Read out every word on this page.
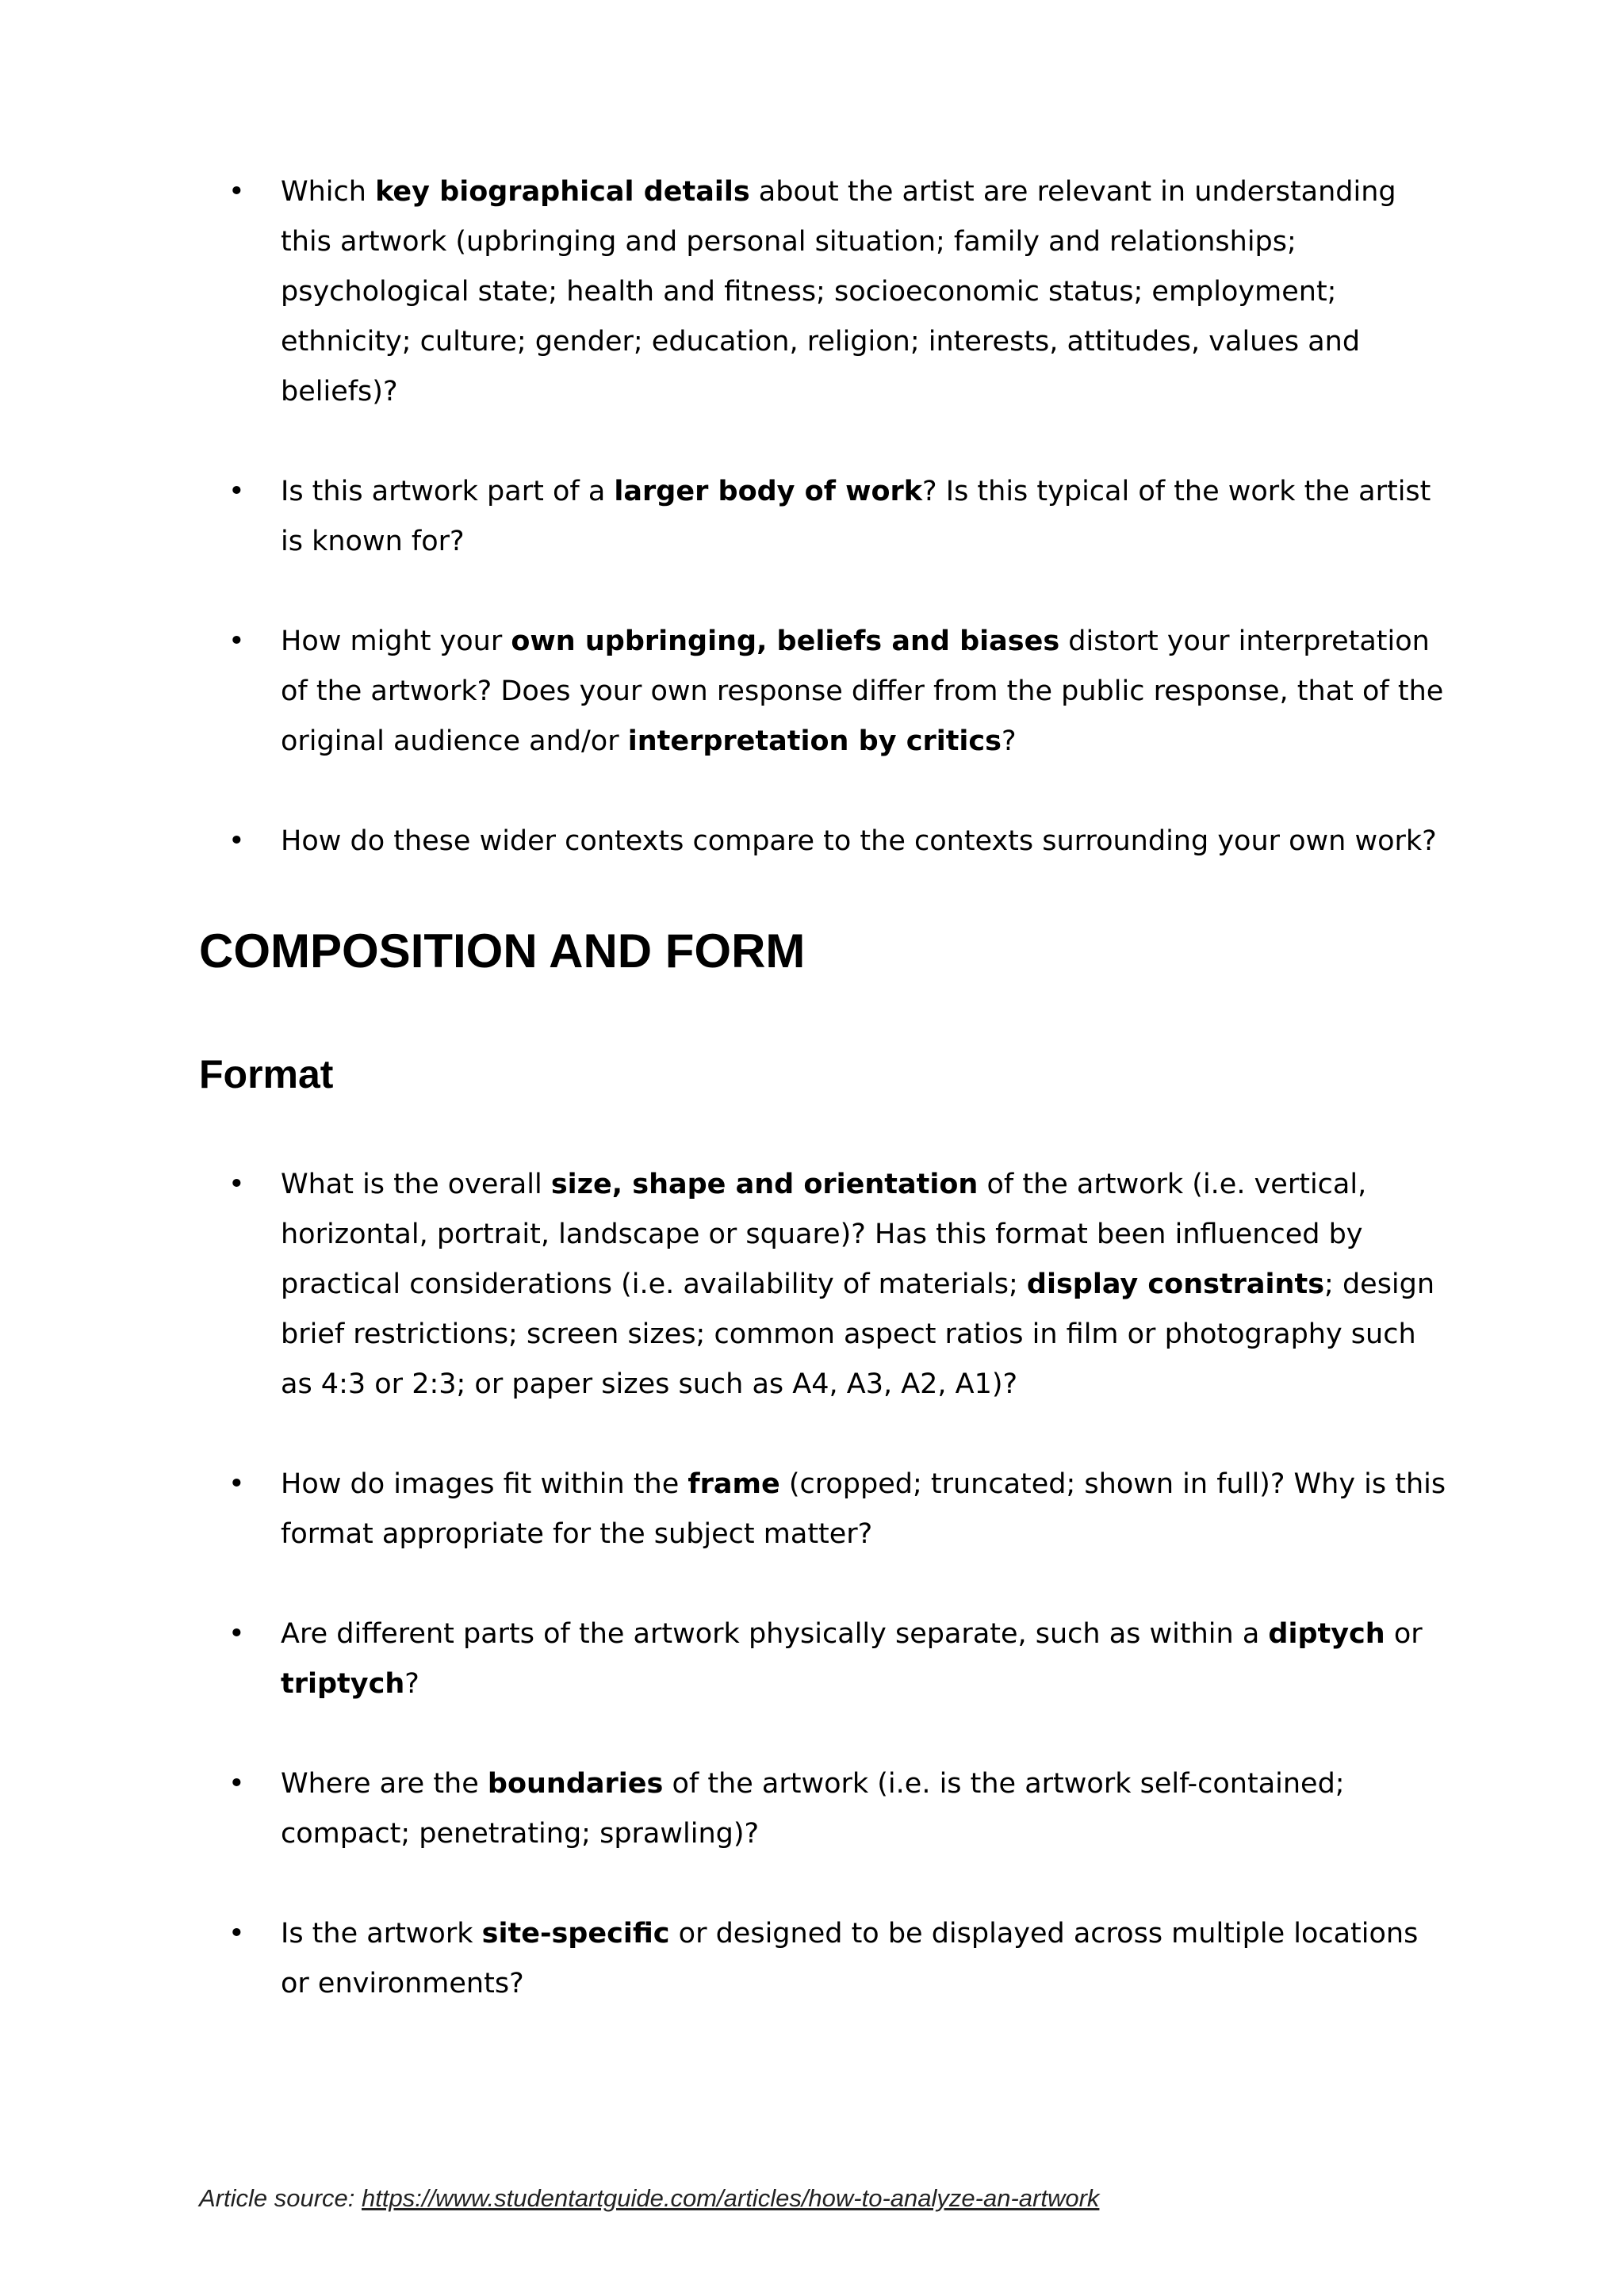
• Which key biographical details about the artist are relevant in understanding this artwork (upbringing and personal situation; family and relationships; psychological state; health and fitness; socioeconomic status; employment; ethnicity; culture; gender; education, religion; interests, attitudes, values and beliefs)?
• Is this artwork part of a larger body of work? Is this typical of the work the artist is known for?
• How might your own upbringing, beliefs and biases distort your interpretation of the artwork? Does your own response differ from the public response, that of the original audience and/or interpretation by critics?
• How do these wider contexts compare to the contexts surrounding your own work?
COMPOSITION AND FORM
Format
• What is the overall size, shape and orientation of the artwork (i.e. vertical, horizontal, portrait, landscape or square)? Has this format been influenced by practical considerations (i.e. availability of materials; display constraints; design brief restrictions; screen sizes; common aspect ratios in film or photography such as 4:3 or 2:3; or paper sizes such as A4, A3, A2, A1)?
• How do images fit within the frame (cropped; truncated; shown in full)? Why is this format appropriate for the subject matter?
• Are different parts of the artwork physically separate, such as within a diptych or triptych?
• Where are the boundaries of the artwork (i.e. is the artwork self-contained; compact; penetrating; sprawling)?
• Is the artwork site-specific or designed to be displayed across multiple locations or environments?
Article source: https://www.studentartguide.com/articles/how-to-analyze-an-artwork
